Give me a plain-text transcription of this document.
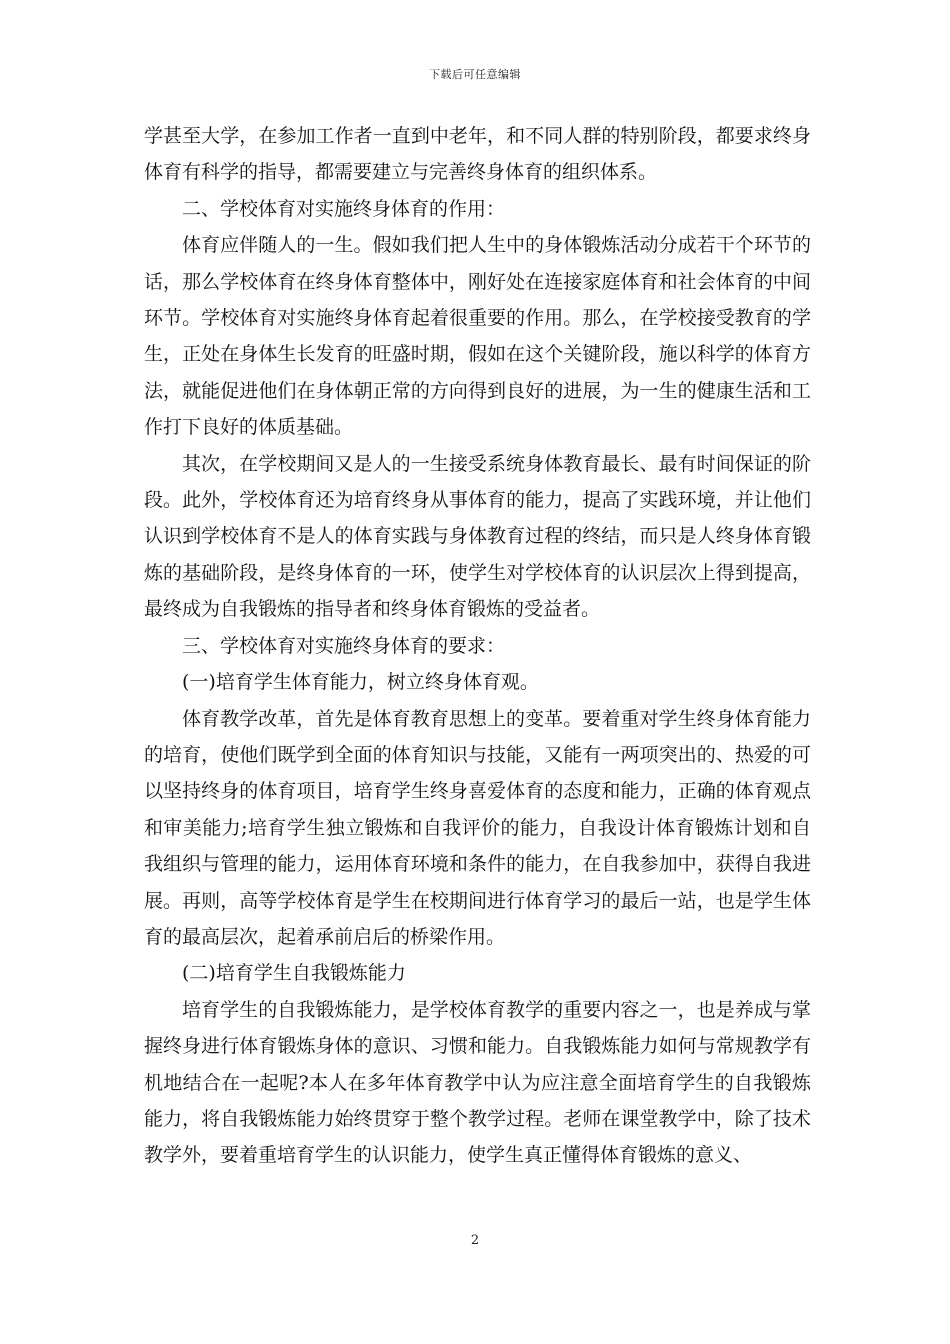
下载后可任意编辑

学甚至大学，在参加工作者一直到中老年，和不同人群的特别阶段，都要求终身体育有科学的指导，都需要建立与完善终身体育的组织体系。

二、学校体育对实施终身体育的作用：

体育应伴随人的一生。假如我们把人生中的身体锻炼活动分成若干个环节的话，那么学校体育在终身体育整体中，刚好处在连接家庭体育和社会体育的中间环节。学校体育对实施终身体育起着很重要的作用。那么，在学校接受教育的学生，正处在身体生长发育的旺盛时期，假如在这个关键阶段，施以科学的体育方法，就能促进他们在身体朝正常的方向得到良好的进展，为一生的健康生活和工作打下良好的体质基础。

其次，在学校期间又是人的一生接受系统身体教育最长、最有时间保证的阶段。此外，学校体育还为培育终身从事体育的能力，提高了实践环境，并让他们认识到学校体育不是人的体育实践与身体教育过程的终结，而只是人终身体育锻炼的基础阶段，是终身体育的一环，使学生对学校体育的认识层次上得到提高，最终成为自我锻炼的指导者和终身体育锻炼的受益者。

三、学校体育对实施终身体育的要求：

(一)培育学生体育能力，树立终身体育观。

体育教学改革，首先是体育教育思想上的变革。要着重对学生终身体育能力的培育，使他们既学到全面的体育知识与技能，又能有一两项突出的、热爱的可以坚持终身的体育项目，培育学生终身喜爱体育的态度和能力，正确的体育观点和审美能力;培育学生独立锻炼和自我评价的能力，自我设计体育锻炼计划和自我组织与管理的能力，运用体育环境和条件的能力，在自我参加中，获得自我进展。再则，高等学校体育是学生在校期间进行体育学习的最后一站，也是学生体育的最高层次，起着承前启后的桥梁作用。

(二)培育学生自我锻炼能力

培育学生的自我锻炼能力，是学校体育教学的重要内容之一，也是养成与掌握终身进行体育锻炼身体的意识、习惯和能力。自我锻炼能力如何与常规教学有机地结合在一起呢?本人在多年体育教学中认为应注意全面培育学生的自我锻炼能力，将自我锻炼能力始终贯穿于整个教学过程。老师在课堂教学中，除了技术教学外，要着重培育学生的认识能力，使学生真正懂得体育锻炼的意义、

2
